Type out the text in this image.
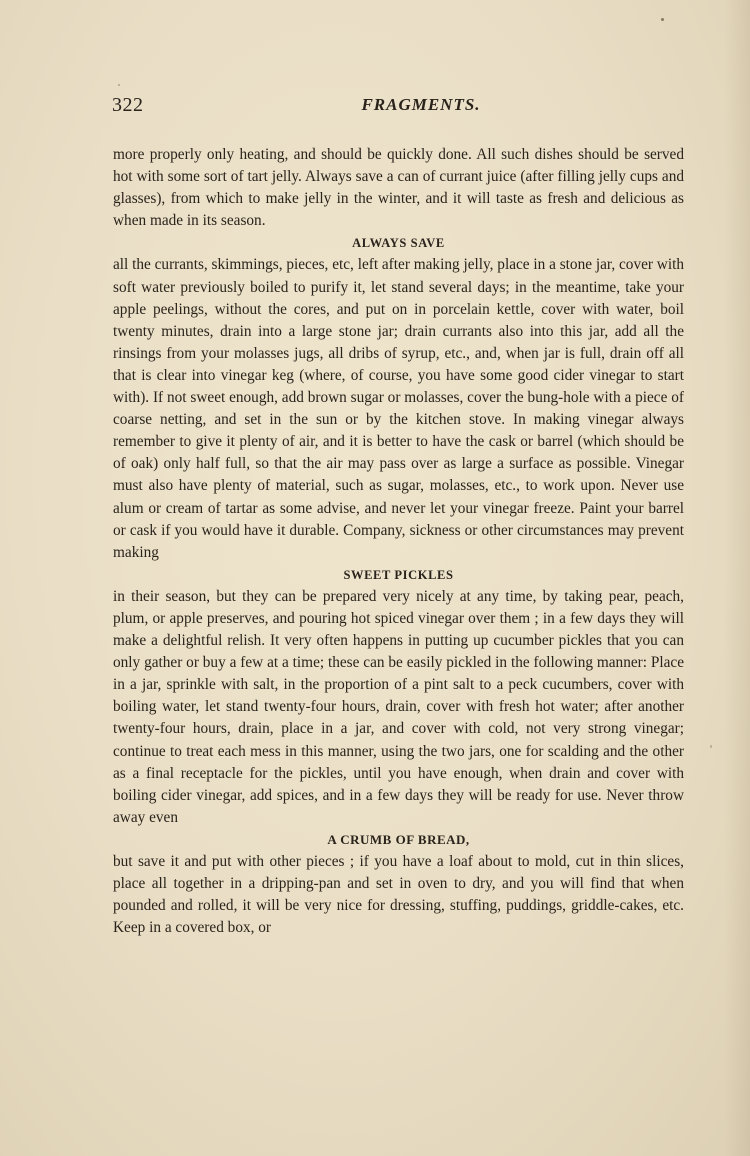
322	FRAGMENTS.

more properly only heating, and should be quickly done. All such dishes should be served hot with some sort of tart jelly. Always save a can of currant juice (after filling jelly cups and glasses), from which to make jelly in the winter, and it will taste as fresh and delicious as when made in its season.

ALWAYS SAVE

all the currants, skimmings, pieces, etc, left after making jelly, place in a stone jar, cover with soft water previously boiled to purify it, let stand several days; in the meantime, take your apple peelings, without the cores, and put on in porcelain kettle, cover with water, boil twenty minutes, drain into a large stone jar; drain currants also into this jar, add all the rinsings from your molasses jugs, all dribs of syrup, etc., and, when jar is full, drain off all that is clear into vinegar keg (where, of course, you have some good cider vinegar to start with). If not sweet enough, add brown sugar or molasses, cover the bung-hole with a piece of coarse netting, and set in the sun or by the kitchen stove. In making vinegar always remember to give it plenty of air, and it is better to have the cask or barrel (which should be of oak) only half full, so that the air may pass over as large a surface as possible. Vinegar must also have plenty of material, such as sugar, molasses, etc., to work upon. Never use alum or cream of tartar as some advise, and never let your vinegar freeze. Paint your barrel or cask if you would have it durable. Company, sickness or other circumstances may prevent making

SWEET PICKLES

in their season, but they can be prepared very nicely at any time, by taking pear, peach, plum, or apple preserves, and pouring hot spiced vinegar over them ; in a few days they will make a delightful relish. It very often happens in putting up cucumber pickles that you can only gather or buy a few at a time; these can be easily pickled in the following manner: Place in a jar, sprinkle with salt, in the proportion of a pint salt to a peck cucumbers, cover with boiling water, let stand twenty-four hours, drain, cover with fresh hot water; after another twenty-four hours, drain, place in a jar, and cover with cold, not very strong vinegar; continue to treat each mess in this manner, using the two jars, one for scalding and the other as a final receptacle for the pickles, until you have enough, when drain and cover with boiling cider vinegar, add spices, and in a few days they will be ready for use. Never throw away even

A CRUMB OF BREAD,

but save it and put with other pieces ; if you have a loaf about to mold, cut in thin slices, place all together in a dripping-pan and set in oven to dry, and you will find that when pounded and rolled, it will be very nice for dressing, stuffing, puddings, griddle-cakes, etc. Keep in a covered box, or
